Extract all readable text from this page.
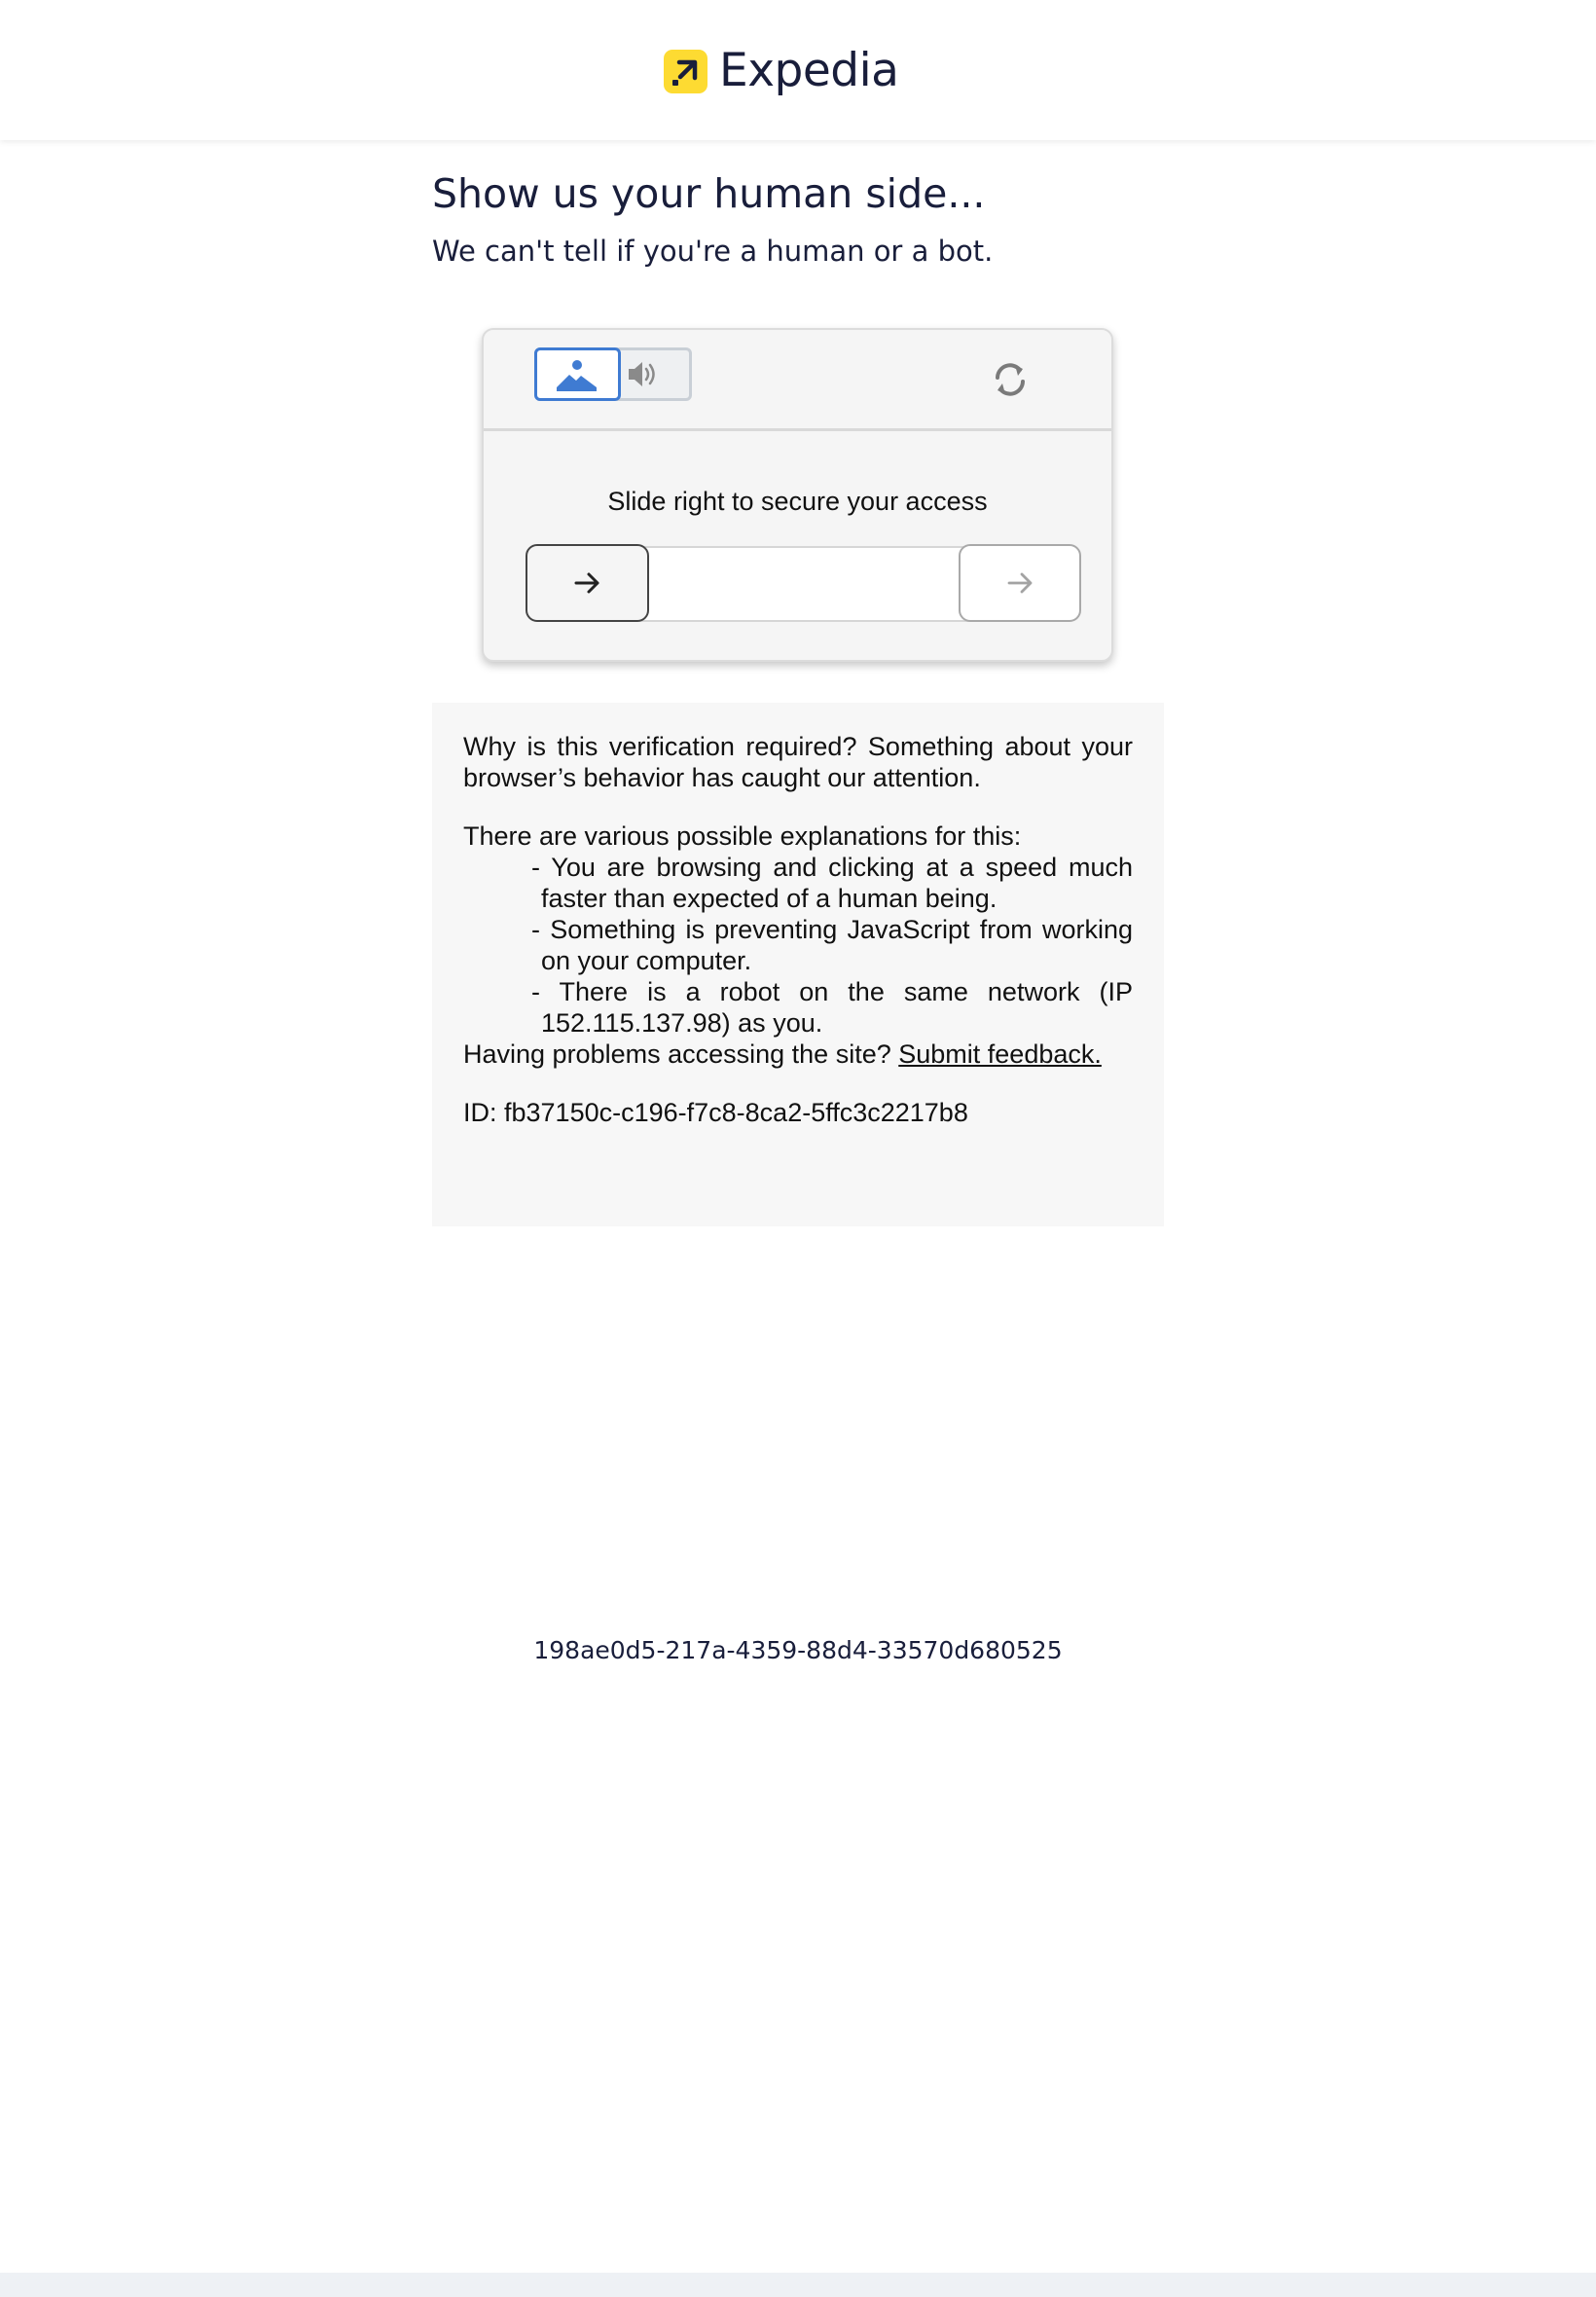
Expedia
Show us your human side...

We can't tell if you're a human or a bot.

Slide right to secure your access

Why is this verification required? Something about your browser’s behavior has caught our attention.

There are various possible explanations for this:

- You are browsing and clicking at a speed much faster than expected of a human being.
- Something is preventing JavaScript from working on your computer.
- There is a robot on the same network (IP 152.115.137.98) as you.

Having problems accessing the site? Submit feedback.

ID: fb37150c-c196-f7c8-8ca2-5ffc3c2217b8

198ae0d5-217a-4359-88d4-33570d680525
